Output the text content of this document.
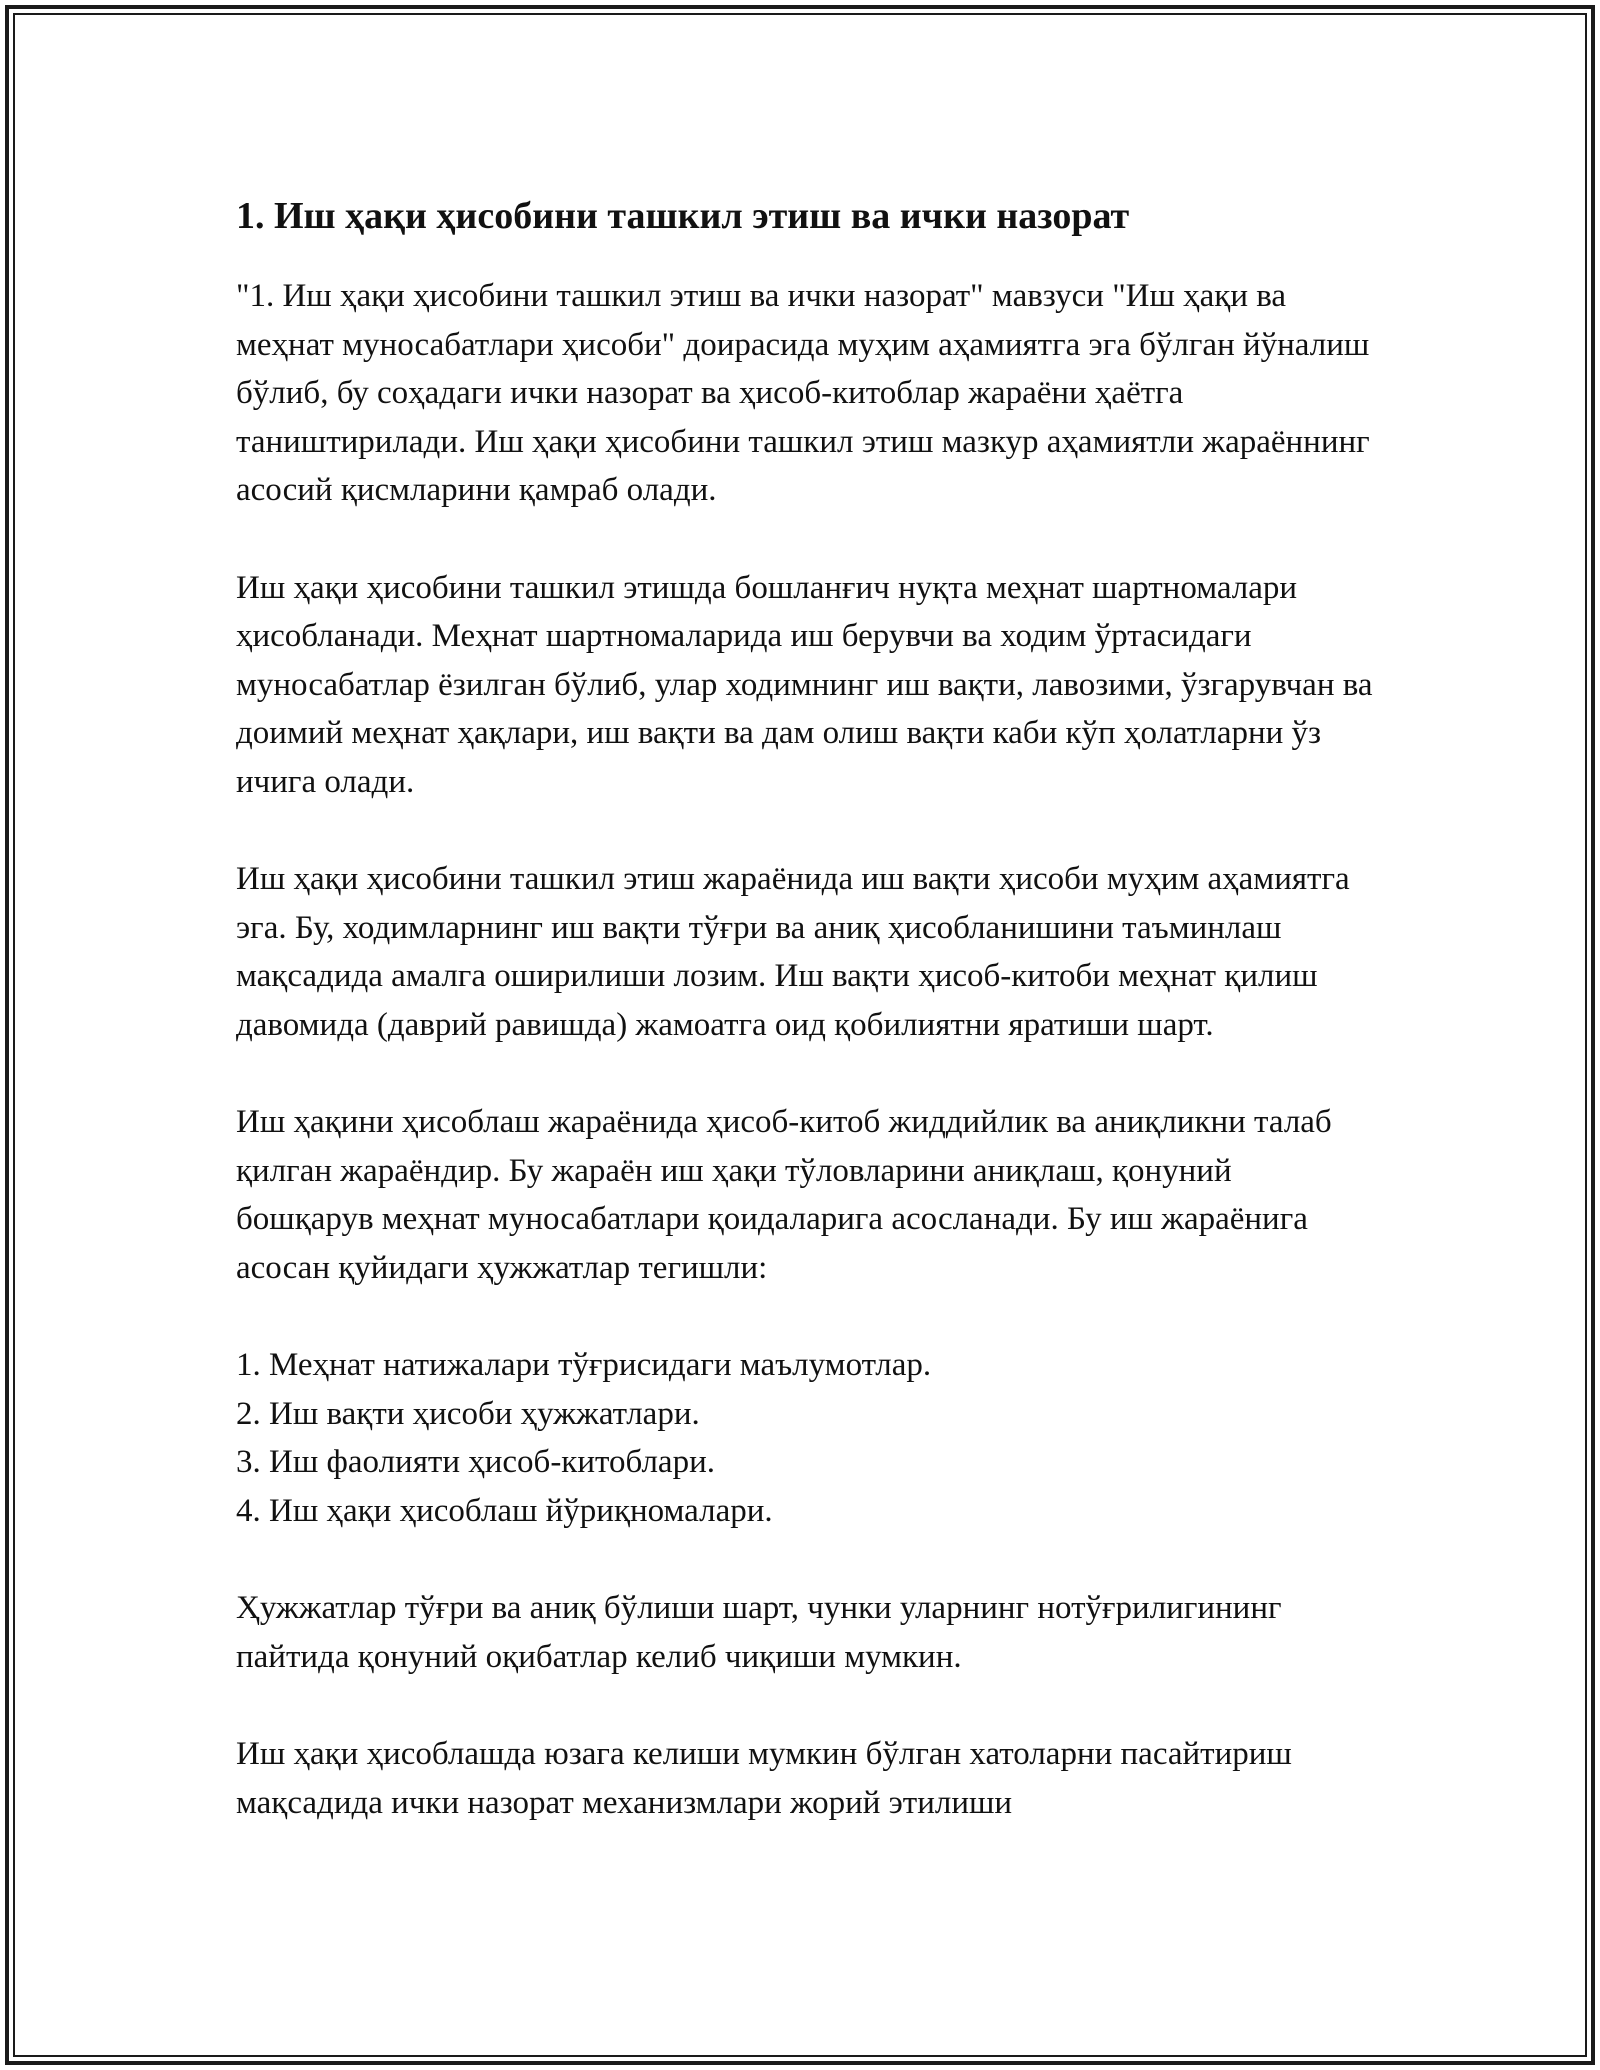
1. Иш ҳақи ҳисобини ташкил этиш ва ички назорат

"1. Иш ҳақи ҳисобини ташкил этиш ва ички назорат" мавзуси "Иш ҳақи ва меҳнат муносабатлари ҳисоби" доирасида муҳим аҳамиятга эга бўлган йўналиш бўлиб, бу соҳадаги ички назорат ва ҳисоб-китоблар жараёни ҳаётга таништирилади. Иш ҳақи ҳисобини ташкил этиш мазкур аҳамиятли жараённинг асосий қисмларини қамраб олади.

Иш ҳақи ҳисобини ташкил этишда бошланғич нуқта меҳнат шартномалари ҳисобланади. Меҳнат шартномаларида иш берувчи ва ходим ўртасидаги муносабатлар ёзилган бўлиб, улар ходимнинг иш вақти, лавозими, ўзгарувчан ва доимий меҳнат ҳақлари, иш вақти ва дам олиш вақти каби кўп ҳолатларни ўз ичига олади.

Иш ҳақи ҳисобини ташкил этиш жараёнида иш вақти ҳисоби муҳим аҳамиятга эга. Бу, ходимларнинг иш вақти тўғри ва аниқ ҳисобланишини таъминлаш мақсадида амалга оширилиши лозим. Иш вақти ҳисоб-китоби меҳнат қилиш давомида (даврий равишда) жамоатга оид қобилиятни яратиши шарт.

Иш ҳақини ҳисоблаш жараёнида ҳисоб-китоб жиддийлик ва аниқликни талаб қилган жараёндир. Бу жараён иш ҳақи тўловларини аниқлаш, қонуний бошқарув меҳнат муносабатлари қоидаларига асосланади. Бу иш жараёнига асосан қуйидаги ҳужжатлар тегишли:

1. Меҳнат натижалари тўғрисидаги маълумотлар.
2. Иш вақти ҳисоби ҳужжатлари.
3. Иш фаолияти ҳисоб-китоблари.
4. Иш ҳақи ҳисоблаш йўриқномалари.

Ҳужжатлар тўғри ва аниқ бўлиши шарт, чунки уларнинг нотўғрилигининг пайтида қонуний оқибатлар келиб чиқиши мумкин.

Иш ҳақи ҳисоблашда юзага келиши мумкин бўлган хатоларни пасайтириш мақсадида ички назорат механизмлари жорий этилиши
